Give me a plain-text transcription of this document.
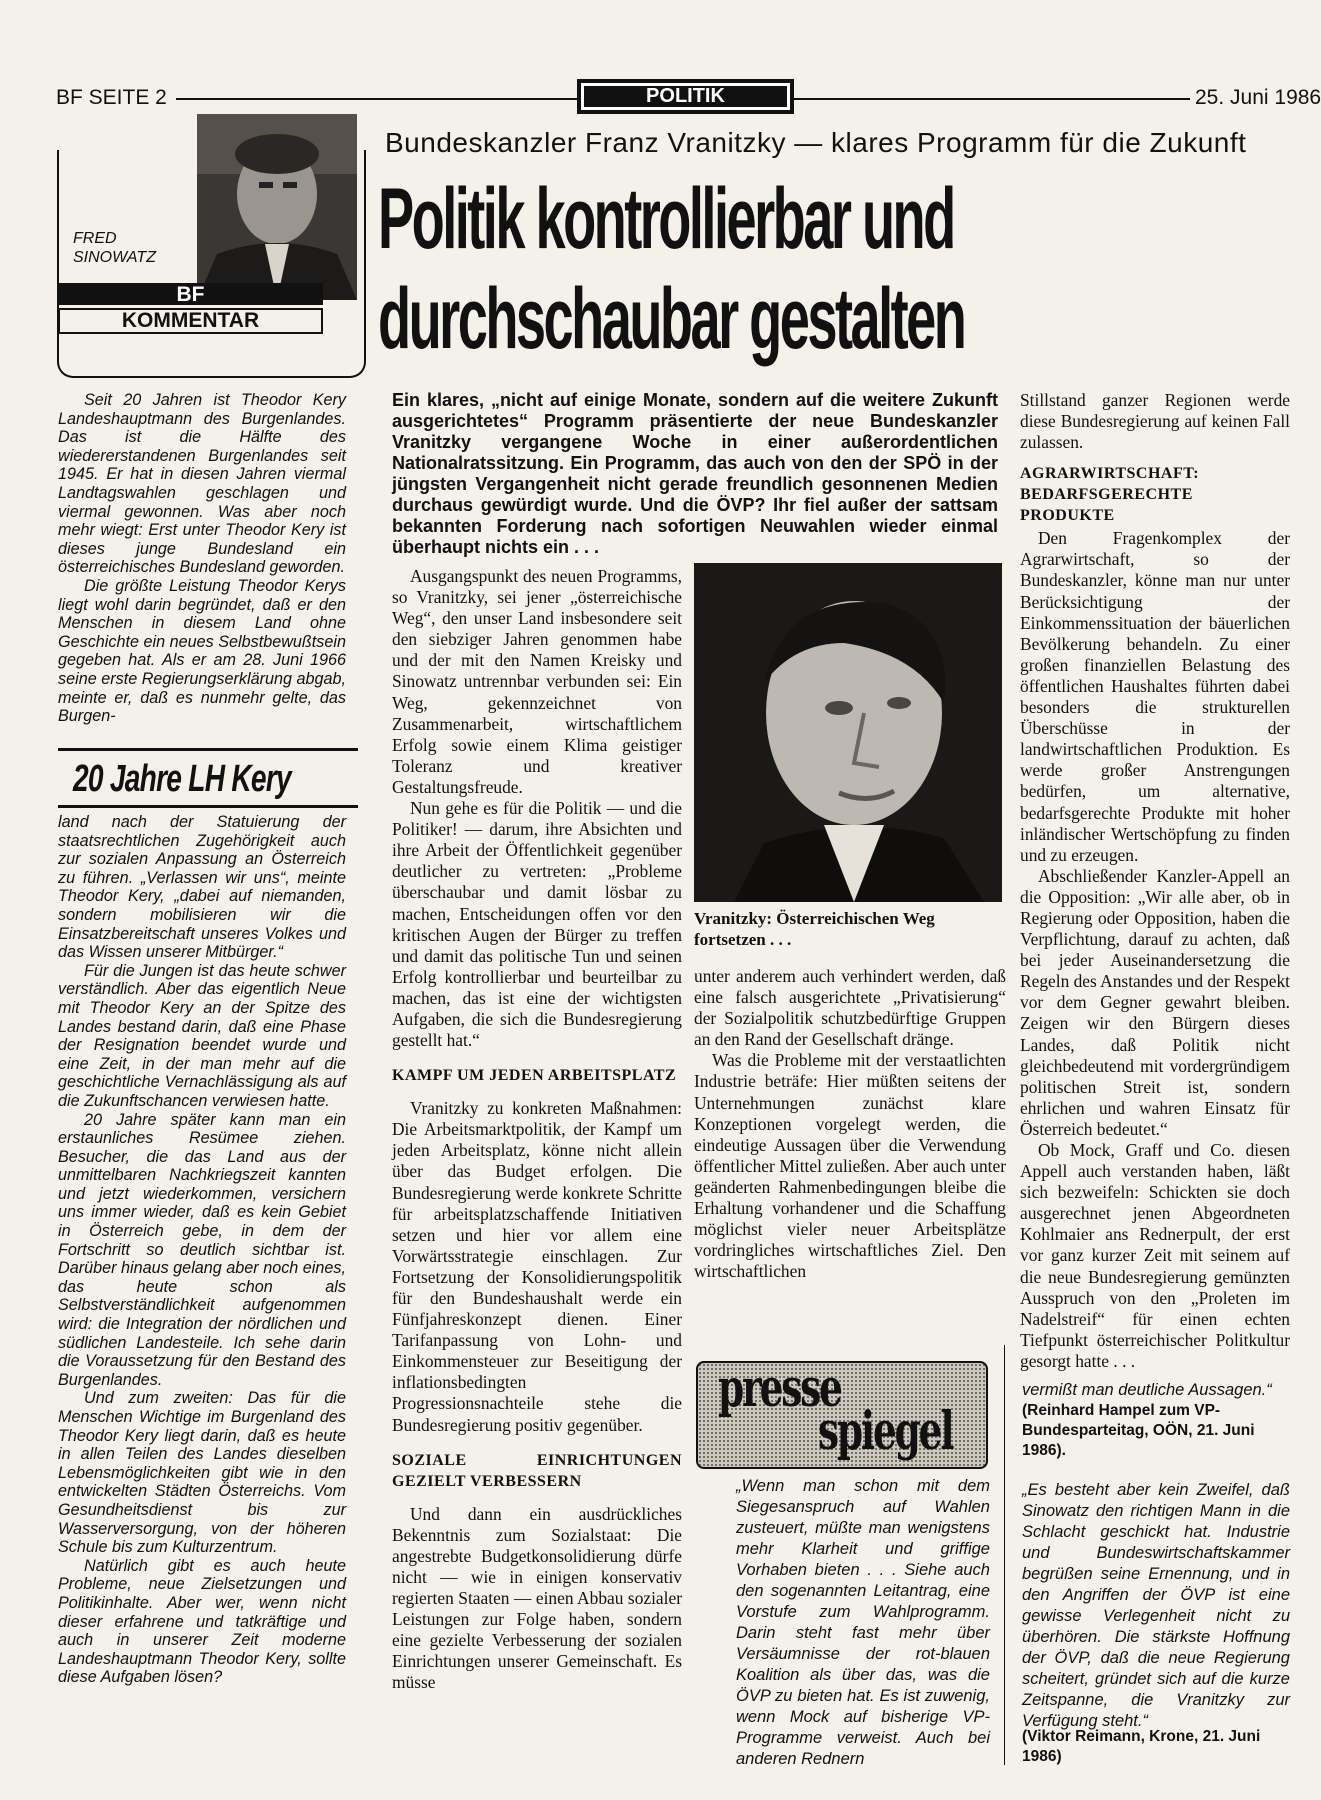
BF SEITE 2	POLITIK	25. Juni 1986
Bundeskanzler Franz Vranitzky — klares Programm für die Zukunft
Politik kontrollierbar und
durchschaubar gestalten
FRED
SINOWATZ
BF
KOMMENTAR

Seit 20 Jahren ist Theodor Kery Landeshauptmann des Burgenlandes. Das ist die Hälfte des wiedererstandenen Burgenlandes seit 1945. Er hat in diesen Jahren viermal Landtagswahlen geschlagen und viermal gewonnen. Was aber noch mehr wiegt: Erst unter Theodor Kery ist dieses junge Bundesland ein österreichisches Bundesland geworden.

Die größte Leistung Theodor Kerys liegt wohl darin begründet, daß er den Menschen in diesem Land ohne Geschichte ein neues Selbstbewußtsein gegeben hat. Als er am 28. Juni 1966 seine erste Regierungserklärung abgab, meinte er, daß es nunmehr gelte, das Burgen-

20 Jahre LH Kery

land nach der Statuierung der staatsrechtlichen Zugehörigkeit auch zur sozialen Anpassung an Österreich zu führen. „Verlassen wir uns“, meinte Theodor Kery, „dabei auf niemanden, sondern mobilisieren wir die Einsatzbereitschaft unseres Volkes und das Wissen unserer Mitbürger.“

Für die Jungen ist das heute schwer verständlich. Aber das eigentlich Neue mit Theodor Kery an der Spitze des Landes bestand darin, daß eine Phase der Resignation beendet wurde und eine Zeit, in der man mehr auf die geschichtliche Vernachlässigung als auf die Zukunftschancen verwiesen hatte.

20 Jahre später kann man ein erstaunliches Resümee ziehen. Besucher, die das Land aus der unmittelbaren Nachkriegszeit kannten und jetzt wiederkommen, versichern uns immer wieder, daß es kein Gebiet in Österreich gebe, in dem der Fortschritt so deutlich sichtbar ist. Darüber hinaus gelang aber noch eines, das heute schon als Selbstverständlichkeit aufgenommen wird: die Integration der nördlichen und südlichen Landesteile. Ich sehe darin die Voraussetzung für den Bestand des Burgenlandes.

Und zum zweiten: Das für die Menschen Wichtige im Burgenland des Theodor Kery liegt darin, daß es heute in allen Teilen des Landes dieselben Lebensmöglichkeiten gibt wie in den entwickelten Städten Österreichs. Vom Gesundheitsdienst bis zur Wasserversorgung, von der höheren Schule bis zum Kulturzentrum.

Natürlich gibt es auch heute Probleme, neue Zielsetzungen und Politikinhalte. Aber wer, wenn nicht dieser erfahrene und tatkräftige und auch in unserer Zeit moderne Landeshauptmann Theodor Kery, sollte diese Aufgaben lösen?

Ein klares, „nicht auf einige Monate, sondern auf die weitere Zukunft ausgerichtetes“ Programm präsentierte der neue Bundeskanzler Vranitzky vergangene Woche in einer außerordentlichen Nationalratssitzung. Ein Programm, das auch von den der SPÖ in der jüngsten Vergangenheit nicht gerade freundlich gesonnenen Medien durchaus gewürdigt wurde. Und die ÖVP? Ihr fiel außer der sattsam bekannten Forderung nach sofortigen Neuwahlen wieder einmal überhaupt nichts ein . . .

Ausgangspunkt des neuen Programms, so Vranitzky, sei jener „österreichische Weg“, den unser Land insbesondere seit den siebziger Jahren genommen habe und der mit den Namen Kreisky und Sinowatz untrennbar verbunden sei: Ein Weg, gekennzeichnet von Zusammenarbeit, wirtschaftlichem Erfolg sowie einem Klima geistiger Toleranz und kreativer Gestaltungsfreude.

Nun gehe es für die Politik — und die Politiker! — darum, ihre Absichten und ihre Arbeit der Öffentlichkeit gegenüber deutlicher zu vertreten: „Probleme überschaubar und damit lösbar zu machen, Entscheidungen offen vor den kritischen Augen der Bürger zu treffen und damit das politische Tun und seinen Erfolg kontrollierbar und beurteilbar zu machen, das ist eine der wichtigsten Aufgaben, die sich die Bundesregierung gestellt hat.“

KAMPF UM JEDEN ARBEITSPLATZ

Vranitzky zu konkreten Maßnahmen: Die Arbeitsmarktpolitik, der Kampf um jeden Arbeitsplatz, könne nicht allein über das Budget erfolgen. Die Bundesregierung werde konkrete Schritte für arbeitsplatzschaffende Initiativen setzen und hier vor allem eine Vorwärtsstrategie einschlagen. Zur Fortsetzung der Konsolidierungspolitik für den Bundeshaushalt werde ein Fünfjahreskonzept dienen. Einer Tarifanpassung von Lohn- und Einkommensteuer zur Beseitigung der inflationsbedingten Progressionsnachteile stehe die Bundesregierung positiv gegenüber.

SOZIALE EINRICHTUNGEN GEZIELT VERBESSERN

Und dann ein ausdrückliches Bekenntnis zum Sozialstaat: Die angestrebte Budgetkonsolidierung dürfe nicht — wie in einigen konservativ regierten Staaten — einen Abbau sozialer Leistungen zur Folge haben, sondern eine gezielte Verbesserung der sozialen Einrichtungen unserer Gemeinschaft. Es müsse

Vranitzky: Österreichischen Weg fortsetzen . . .

unter anderem auch verhindert werden, daß eine falsch ausgerichtete „Privatisierung“ der Sozialpolitik schutzbedürftige Gruppen an den Rand der Gesellschaft dränge.

Was die Probleme mit der verstaatlichten Industrie beträfe: Hier müßten seitens der Unternehmungen zunächst klare Konzeptionen vorgelegt werden, die eindeutige Aussagen über die Verwendung öffentlicher Mittel zuließen. Aber auch unter geänderten Rahmenbedingungen bleibe die Erhaltung vorhandener und die Schaffung möglichst vieler neuer Arbeitsplätze vordringliches wirtschaftliches Ziel. Den wirtschaftlichen

Stillstand ganzer Regionen werde diese Bundesregierung auf keinen Fall zulassen.

AGRARWIRTSCHAFT: BEDARFSGERECHTE PRODUKTE

Den Fragenkomplex der Agrarwirtschaft, so der Bundeskanzler, könne man nur unter Berücksichtigung der Einkommenssituation der bäuerlichen Bevölkerung behandeln. Zu einer großen finanziellen Belastung des öffentlichen Haushaltes führten dabei besonders die strukturellen Überschüsse in der landwirtschaftlichen Produktion. Es werde großer Anstrengungen bedürfen, um alternative, bedarfsgerechte Produkte mit hoher inländischer Wertschöpfung zu finden und zu erzeugen.

Abschließender Kanzler-Appell an die Opposition: „Wir alle aber, ob in Regierung oder Opposition, haben die Verpflichtung, darauf zu achten, daß bei jeder Auseinandersetzung die Regeln des Anstandes und der Respekt vor dem Gegner gewahrt bleiben. Zeigen wir den Bürgern dieses Landes, daß Politik nicht gleichbedeutend mit vordergründigem politischen Streit ist, sondern ehrlichen und wahren Einsatz für Österreich bedeutet.“

Ob Mock, Graff und Co. diesen Appell auch verstanden haben, läßt sich bezweifeln: Schickten sie doch ausgerechnet jenen Abgeordneten Kohlmaier ans Rednerpult, der erst vor ganz kurzer Zeit mit seinem auf die neue Bundesregierung gemünzten Ausspruch von den „Proleten im Nadelstreif“ für einen echten Tiefpunkt österreichischer Politkultur gesorgt hatte . . .

presse
spiegel

„Wenn man schon mit dem Siegesanspruch auf Wahlen zusteuert, müßte man wenigstens mehr Klarheit und griffige Vorhaben bieten . . . Siehe auch den sogenannten Leitantrag, eine Vorstufe zum Wahlprogramm. Darin steht fast mehr über Versäumnisse der rot-blauen Koalition als über das, was die ÖVP zu bieten hat. Es ist zuwenig, wenn Mock auf bisherige VP-Programme verweist. Auch bei anderen Rednern

vermißt man deutliche Aussagen.“

(Reinhard Hampel zum VP-Bundesparteitag, OÖN, 21. Juni 1986).

„Es besteht aber kein Zweifel, daß Sinowatz den richtigen Mann in die Schlacht geschickt hat. Industrie und Bundeswirtschaftskammer begrüßen seine Ernennung, und in den Angriffen der ÖVP ist eine gewisse Verlegenheit nicht zu überhören. Die stärkste Hoffnung der ÖVP, daß die neue Regierung scheitert, gründet sich auf die kurze Zeitspanne, die Vranitzky zur Verfügung steht.“

(Viktor Reimann, Krone, 21. Juni 1986)
